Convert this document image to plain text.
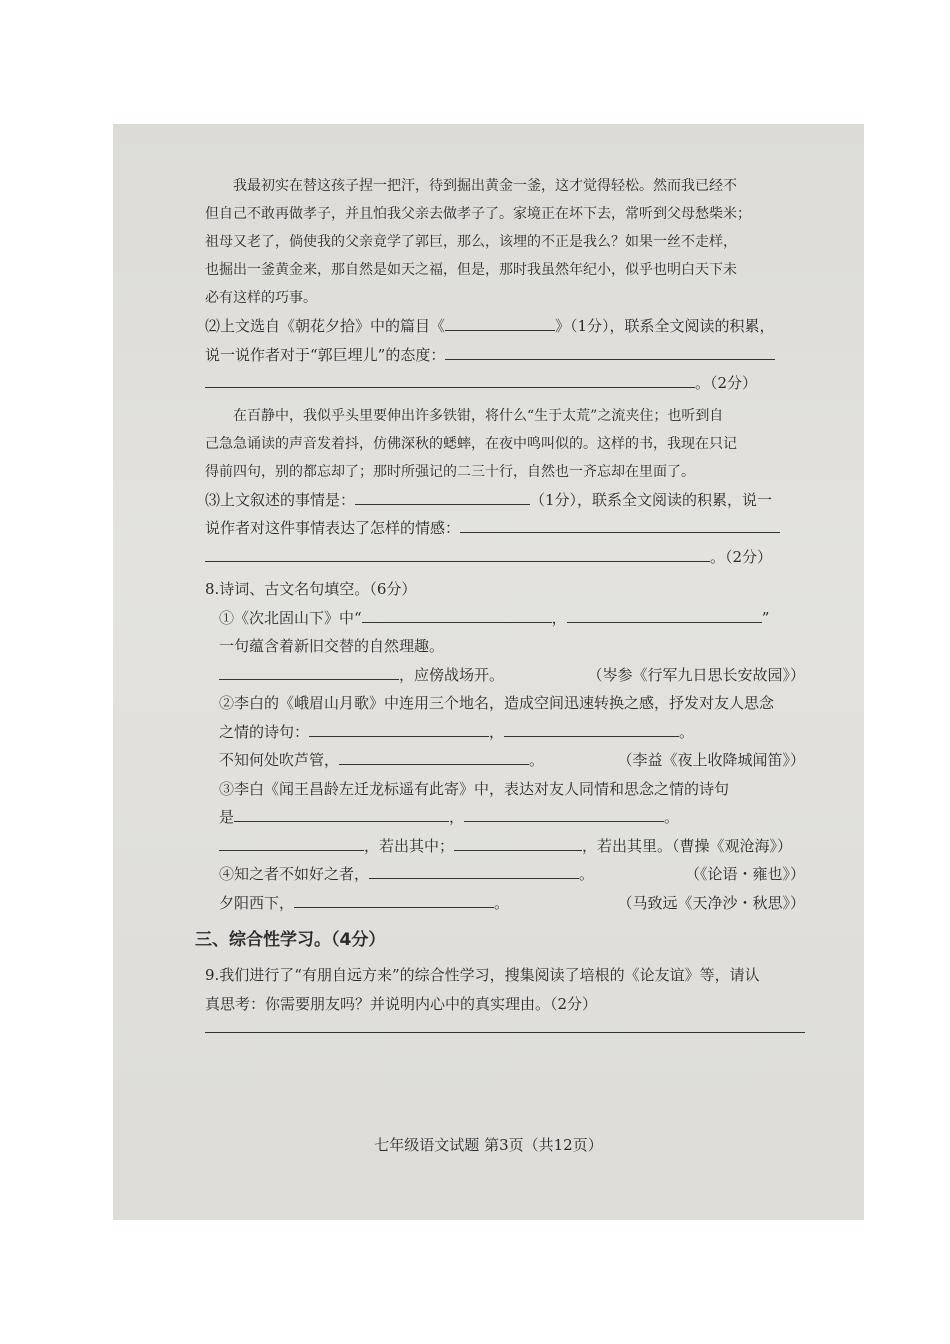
我最初实在替这孩子捏一把汗，待到掘出黄金一釜，这才觉得轻松。然而我已经不

但自己不敢再做孝子，并且怕我父亲去做孝子了。家境正在坏下去，常听到父母愁柴米；

祖母又老了，倘使我的父亲竟学了郭巨，那么，该埋的不正是我么？如果一丝不走样，

也掘出一釜黄金来，那自然是如天之福，但是，那时我虽然年纪小，似乎也明白天下未

必有这样的巧事。

⑵上文选自《朝花夕拾》中的篇目《	》（1分），联系全文阅读的积累，

说一说作者对于“郭巨埋儿”的态度：

。（2分）

在百静中，我似乎头里要伸出许多铁钳，将什么“生于太荒”之流夹住；也听到自

己急急诵读的声音发着抖，仿佛深秋的蟋蟀，在夜中鸣叫似的。这样的书，我现在只记

得前四句，别的都忘却了；那时所强记的二三十行，自然也一齐忘却在里面了。

⑶上文叙述的事情是：	（1分），联系全文阅读的积累，说一

说作者对这件事情表达了怎样的情感：

。（2分）

8.诗词、古文名句填空。（6分）

①《次北固山下》中“	，	”

一句蕴含着新旧交替的自然理趣。

，应傍战场开。	（岑参《行军九日思长安故园》）

②李白的《峨眉山月歌》中连用三个地名，造成空间迅速转换之感，抒发对友人思念

之情的诗句：	，	。

不知何处吹芦管，	。	（李益《夜上收降城闻笛》）

③李白《闻王昌龄左迁龙标遥有此寄》中，表达对友人同情和思念之情的诗句

是	，	。

，若出其中；	，若出其里。（曹操《观沧海》）

④知之者不如好之者，	。	（《论语・雍也》）

夕阳西下，	。	（马致远《天净沙・秋思》）

三、综合性学习。（4分）

9.我们进行了“有朋自远方来”的综合性学习，搜集阅读了培根的《论友谊》等，请认

真思考：你需要朋友吗？并说明内心中的真实理由。（2分）

七年级语文试题 第3页（共12页）
